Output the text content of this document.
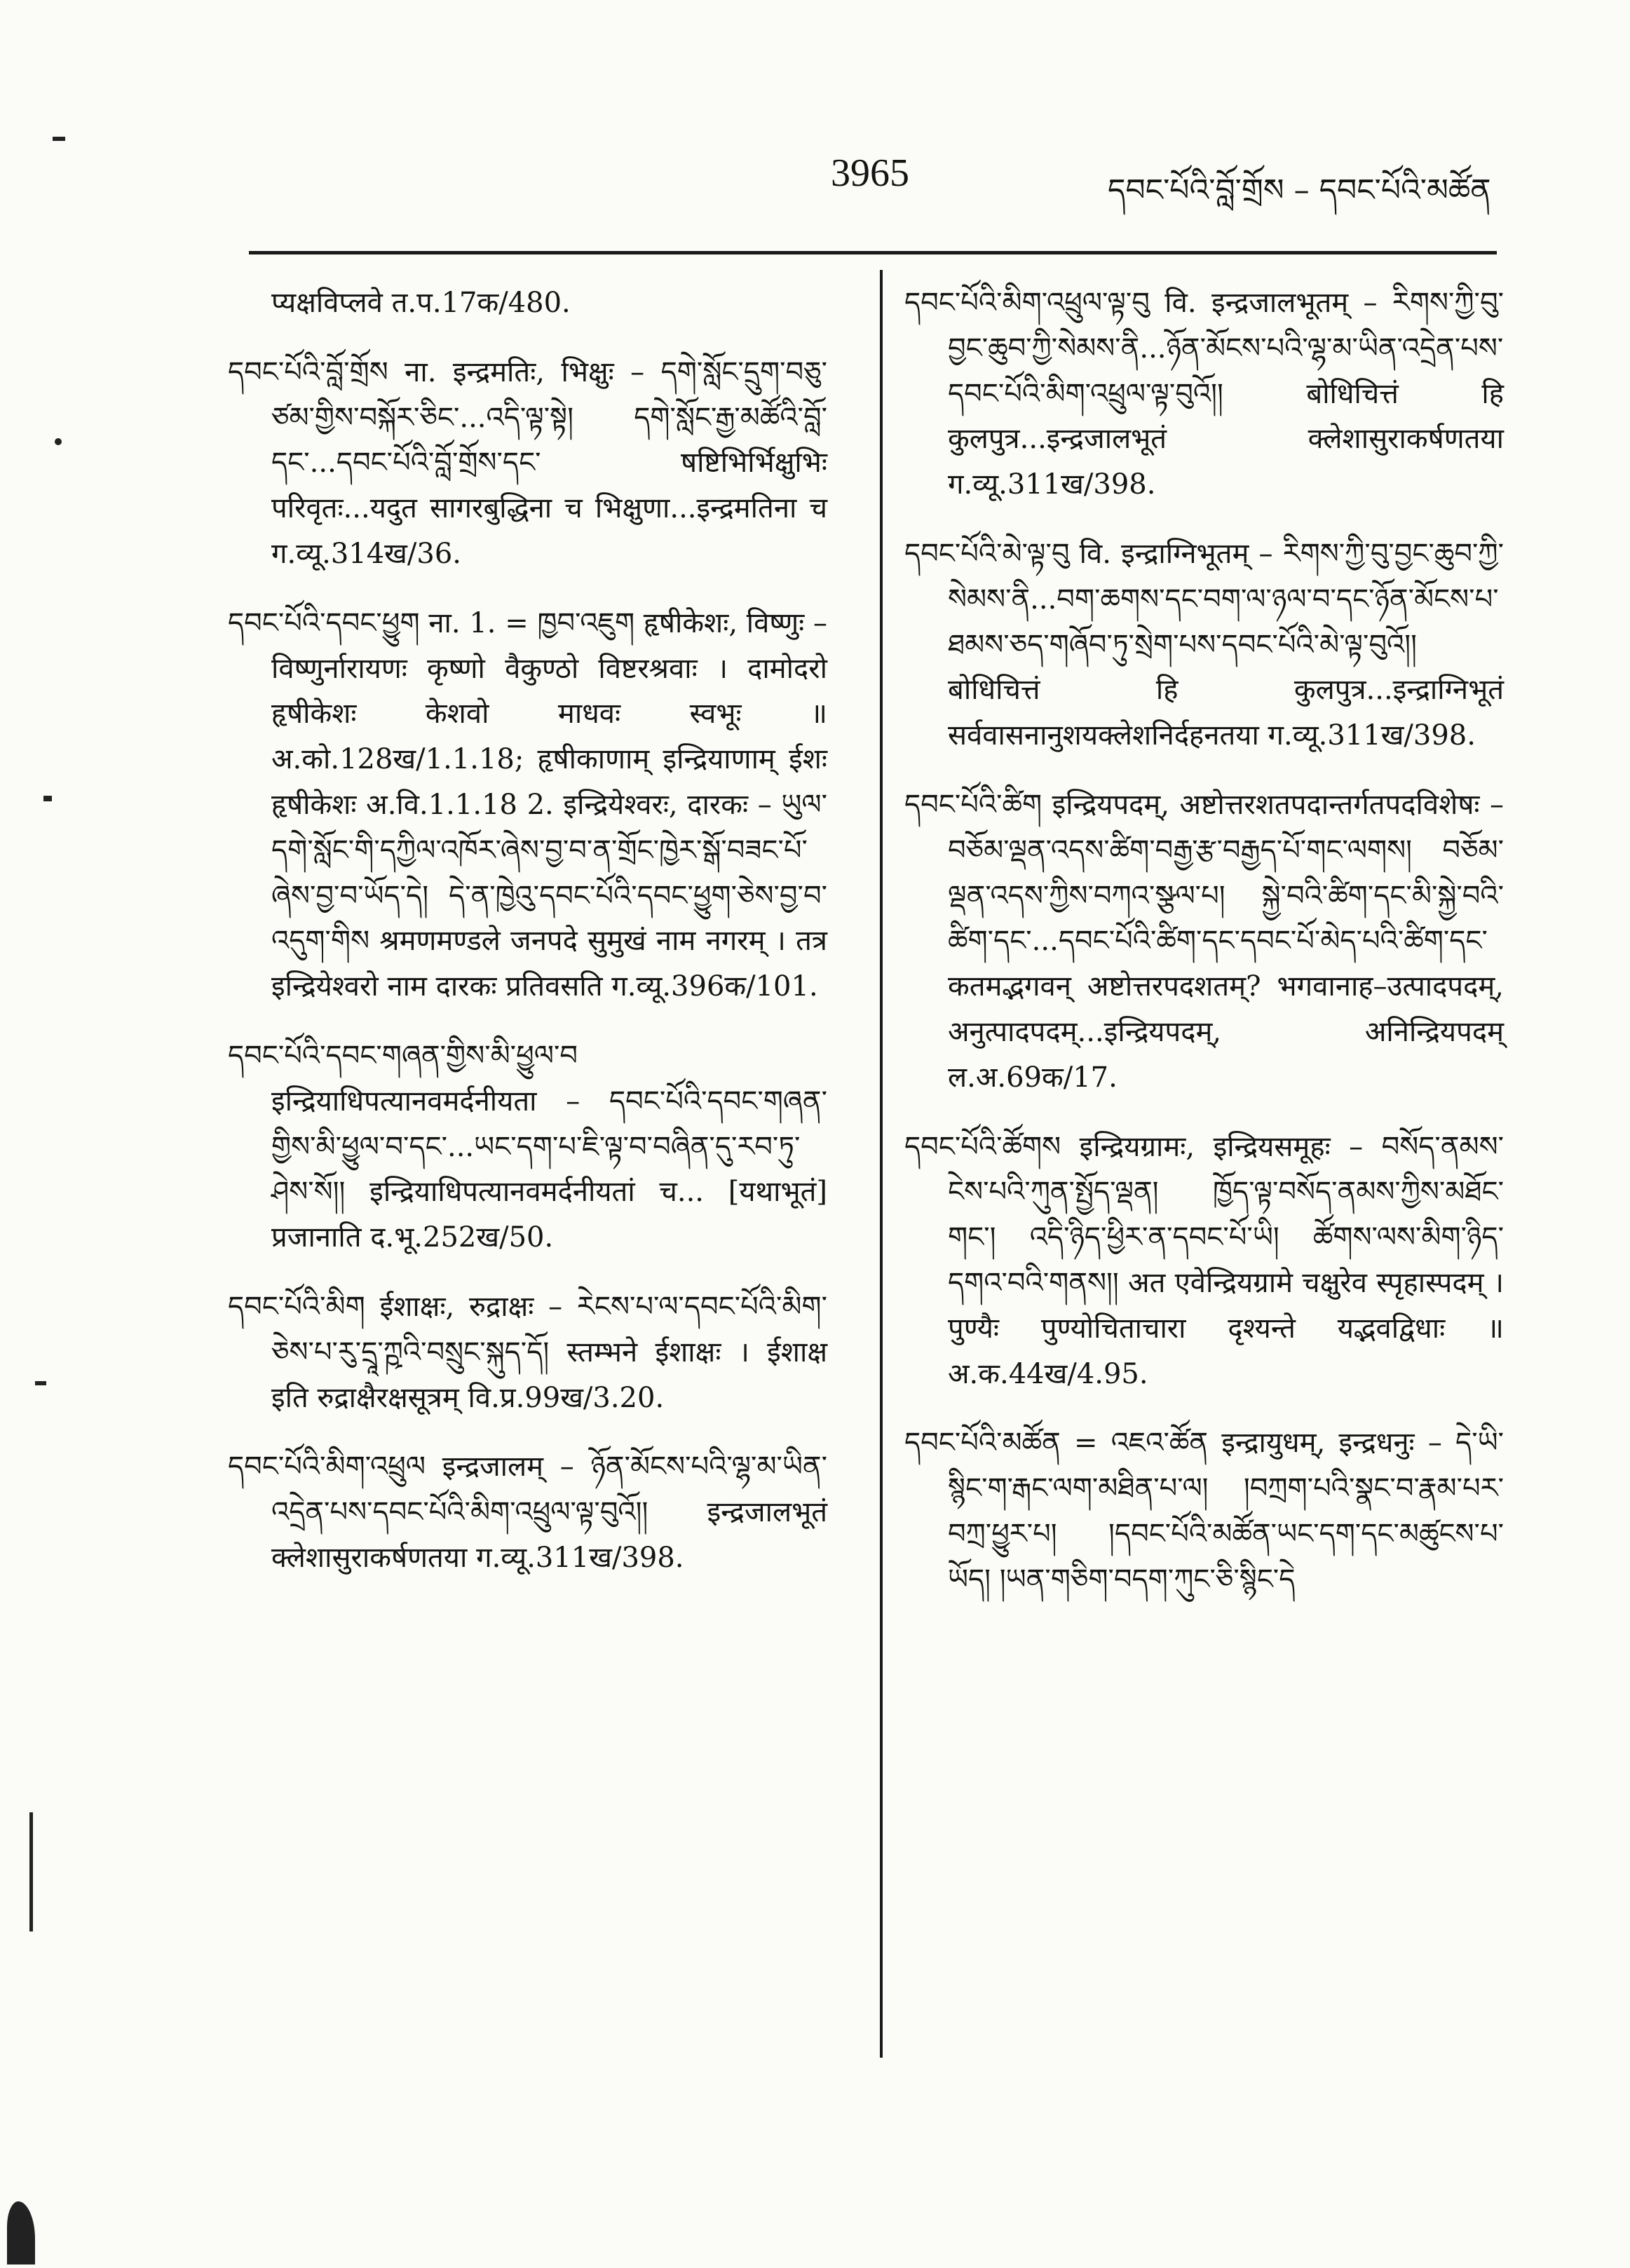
3965	དབང་པོའི་བློ་གྲོས – དབང་པོའི་མཚོན

प्यक्षविप्लवे त.प.17क/480.

དབང་པོའི་བློ་གྲོས ना. इन्द्रमतिः, भिक्षुः – དགེ་སློང་དྲུག་བཅུ་ཙམ་གྱིས་བསྐོར་ཅིང་...འདི་ལྟ་སྟེ། དགེ་སློང་རྒྱ་མཚོའི་བློ་དང་...དབང་པོའི་བློ་གྲོས་དང་ षष्टिभिर्भिक्षुभिः परिवृतः...यदुत सागरबुद्धिना च भिक्षुणा...इन्द्रमतिना च ग.व्यू.314ख/36.

དབང་པོའི་དབང་ཕྱུག ना. 1. = ཁྱབ་འཇུག हृषीकेशः, विष्णुः – विष्णुर्नारायणः कृष्णो वैकुण्ठो विष्टरश्रवाः । दामोदरो हृषीकेशः केशवो माधवः स्वभूः ॥ अ.को.128ख/1.1.18; हृषीकाणाम् इन्द्रियाणाम् ईशः हृषीकेशः अ.वि.1.1.18 2. इन्द्रियेश्वरः, दारकः – ཡུལ་དགེ་སློང་གི་དཀྱིལ་འཁོར་ཞེས་བྱ་བ་ན་གྲོང་ཁྱེར་སྒོ་བཟང་པོ་ཞེས་བྱ་བ་ཡོད་དེ། དེ་ན་ཁྱེའུ་དབང་པོའི་དབང་ཕྱུག་ཅེས་བྱ་བ་འདུག་གིས श्रमणमण्डले जनपदे सुमुखं नाम नगरम् । तत्र इन्द्रियेश्वरो नाम दारकः प्रतिवसति ग.व्यू.396क/101.

དབང་པོའི་དབང་གཞན་གྱིས་མི་ཕྱུལ་བ इन्द्रियाधिपत्यानवमर्दनीयता – དབང་པོའི་དབང་གཞན་གྱིས་མི་ཕྱུལ་བ་དང་...ཡང་དག་པ་ཇི་ལྟ་བ་བཞིན་དུ་རབ་ཏུ་ཤེས་སོ།། इन्द्रियाधिपत्यानवमर्दनीयतां च... [यथाभूतं] प्रजानाति द.भू.252ख/50.

དབང་པོའི་མིག ईशाक्षः, रुद्राक्षः – རེངས་པ་ལ་དབང་པོའི་མིག་ཅེས་པ་རུ་དྲཱ་ཀྵའི་བསྲུང་སྐུད་དོ། स्तम्भने ईशाक्षः । ईशाक्ष इति रुद्राक्षैरक्षसूत्रम् वि.प्र.99ख/3.20.

དབང་པོའི་མིག་འཕྲུལ इन्द्रजालम् – ཉོན་མོངས་པའི་ལྷ་མ་ཡིན་འདྲེན་པས་དབང་པོའི་མིག་འཕྲུལ་ལྟ་བུའོ།། इन्द्रजालभूतं क्लेशासुराकर्षणतया ग.व्यू.311ख/398.

དབང་པོའི་མིག་འཕྲུལ་ལྟ་བུ वि. इन्द्रजालभूतम् – རིགས་ཀྱི་བུ་བྱང་ཆུབ་ཀྱི་སེམས་ནི...ཉོན་མོངས་པའི་ལྷ་མ་ཡིན་འདྲེན་པས་དབང་པོའི་མིག་འཕྲུལ་ལྟ་བུའོ།། बोधिचित्तं हि कुलपुत्र...इन्द्रजालभूतं क्लेशासुराकर्षणतया ग.व्यू.311ख/398.

དབང་པོའི་མེ་ལྟ་བུ वि. इन्द्राग्निभूतम् – རིགས་ཀྱི་བུ་བྱང་ཆུབ་ཀྱི་སེམས་ནི...བག་ཆགས་དང་བག་ལ་ཉལ་བ་དང་ཉོན་མོངས་པ་ཐམས་ཅད་གཞོབ་ཏུ་སྲེག་པས་དབང་པོའི་མེ་ལྟ་བུའོ།། बोधिचित्तं हि कुलपुत्र...इन्द्राग्निभूतं सर्ववासनानुशयक्लेशनिर्दहनतया ग.व्यू.311ख/398.

དབང་པོའི་ཚིག इन्द्रियपदम्, अष्टोत्तरशतपदान्तर्गतपदविशेषः – བཅོམ་ལྡན་འདས་ཚིག་བརྒྱ་རྩ་བརྒྱད་པོ་གང་ལགས། བཅོམ་ལྡན་འདས་ཀྱིས་བཀའ་སྩལ་པ། སྐྱེ་བའི་ཚིག་དང་མི་སྐྱེ་བའི་ཚིག་དང་...དབང་པོའི་ཚིག་དང་དབང་པོ་མེད་པའི་ཚིག་དང་ कतमद्भगवन् अष्टोत्तरपदशतम्? भगवानाह–उत्पादपदम्, अनुत्पादपदम्...इन्द्रियपदम्, अनिन्द्रियपदम् ल.अ.69क/17.

དབང་པོའི་ཚོགས इन्द्रियग्रामः, इन्द्रियसमूहः – བསོད་ནམས་ངེས་པའི་ཀུན་སྤྱོད་ལྡན། ཁྱོད་ལྟ་བསོད་ནམས་ཀྱིས་མཐོང་གང་། འདི་ཉིད་ཕྱིར་ན་དབང་པོ་ཡི། ཚོགས་ལས་མིག་ཉིད་དགའ་བའི་གནས།། अत एवेन्द्रियग्रामे चक्षुरेव स्पृहास्पदम् । पुण्यैः पुण्योचिताचारा दृश्यन्ते यद्भवद्विधाः ॥ अ.क.44ख/4.95.

དབང་པོའི་མཚོན = འཇའ་ཚོན इन्द्रायुधम्, इन्द्रधनुः – དེ་ཡི་སྙིང་ག་རྒང་ལག་མཐིན་པ་ལ། །བཀྲག་པའི་སྣང་བ་རྣམ་པར་བཀྲ་ཕྱུར་པ། །དབང་པོའི་མཚོན་ཡང་དག་དང་མཚུངས་པ་ཡོད། །ཡན་གཅིག་བདག་ཀུང་ཅི་སྙིང་དེ
